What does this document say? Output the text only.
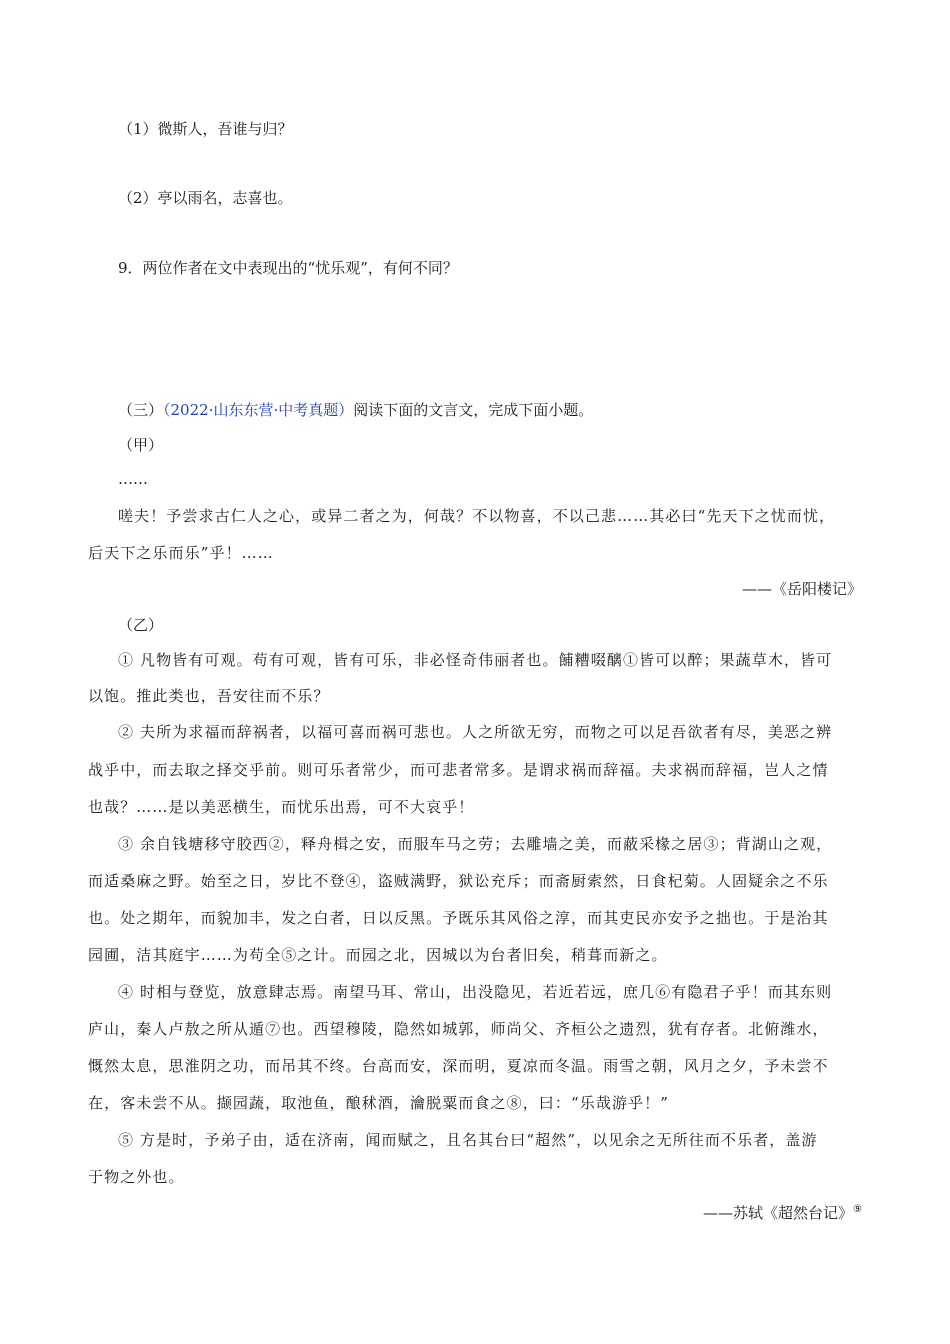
（1）微斯人，吾谁与归？
（2）亭以雨名，志喜也。
9．两位作者在文中表现出的“忧乐观”，有何不同？
（三）（2022·山东东营·中考真题）阅读下面的文言文，完成下面小题。
（甲）
……
嗟夫！予尝求古仁人之心，或异二者之为，何哉？不以物喜，不以己悲……其必曰“先天下之忧而忧，
后天下之乐而乐”乎！……
——《岳阳楼记》
（乙）
① 凡物皆有可观。苟有可观，皆有可乐，非必怪奇伟丽者也。餔糟啜醨①皆可以醉；果蔬草木，皆可
以饱。推此类也，吾安往而不乐？
② 夫所为求福而辞祸者，以福可喜而祸可悲也。人之所欲无穷，而物之可以足吾欲者有尽，美恶之辨
战乎中，而去取之择交乎前。则可乐者常少，而可悲者常多。是谓求祸而辞福。夫求祸而辞福，岂人之情
也哉？……是以美恶横生，而忧乐出焉，可不大哀乎！
③ 余自钱塘移守胶西②，释舟楫之安，而服车马之劳；去雕墙之美，而蔽采椽之居③；背湖山之观，
而适桑麻之野。始至之日，岁比不登④，盗贼满野，狱讼充斥；而斋厨索然，日食杞菊。人固疑余之不乐
也。处之期年，而貌加丰，发之白者，日以反黑。予既乐其风俗之淳，而其吏民亦安予之拙也。于是治其
园圃，洁其庭宇……为苟全⑤之计。而园之北，因城以为台者旧矣，稍葺而新之。
④ 时相与登览，放意肆志焉。南望马耳、常山，出没隐见，若近若远，庶几⑥有隐君子乎！而其东则
庐山，秦人卢敖之所从遁⑦也。西望穆陵，隐然如城郭，师尚父、齐桓公之遗烈，犹有存者。北俯潍水，
慨然太息，思淮阴之功，而吊其不终。台高而安，深而明，夏凉而冬温。雨雪之朝，风月之夕，予未尝不
在，客未尝不从。撷园蔬，取池鱼，酿秫酒，瀹脱粟而食之⑧，曰：“乐哉游乎！”
⑤ 方是时，予弟子由，适在济南，闻而赋之，且名其台曰“超然”，以见余之无所往而不乐者，盖游
于物之外也。
——苏轼《超然台记》⑨
